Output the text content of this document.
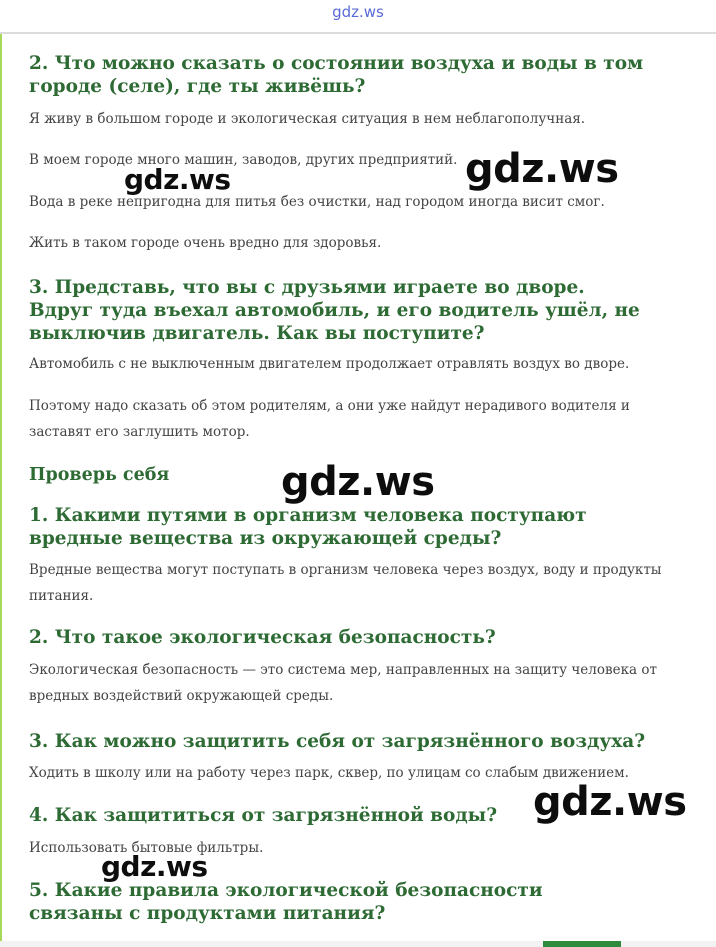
gdz.ws
2. Что можно сказать о состоянии воздуха и воды в том городе (селе), где ты живёшь?

Я живу в большом городе и экологическая ситуация в нем неблагополучная.

В моем городе много машин, заводов, других предприятий.

Вода в реке непригодна для питья без очистки, над городом иногда висит смог.

Жить в таком городе очень вредно для здоровья.

3. Представь, что вы с друзьями играете во дворе. Вдруг туда въехал автомобиль, и его водитель ушёл, не выключив двигатель. Как вы поступите?

Автомобиль с не выключенным двигателем продолжает отравлять воздух во дворе.

Поэтому надо сказать об этом родителям, а они уже найдут нерадивого водителя и заставят его заглушить мотор.

Проверь себя
1. Какими путями в организм человека поступают вредные вещества из окружающей среды?

Вредные вещества могут поступать в организм человека через воздух, воду и продукты питания.

2. Что такое экологическая безопасность?

Экологическая безопасность — это система мер, направленных на защиту человека от вредных воздействий окружающей среды.

3. Как можно защитить себя от загрязнённого воздуха?

Ходить в школу или на работу через парк, сквер, по улицам со слабым движением.

4. Как защититься от загрязнённой воды?

Использовать бытовые фильтры.

5. Какие правила экологической безопасности связаны с продуктами питания?
gdz.ws	gdz.ws
gdz.ws
gdz.ws
gdz.ws
